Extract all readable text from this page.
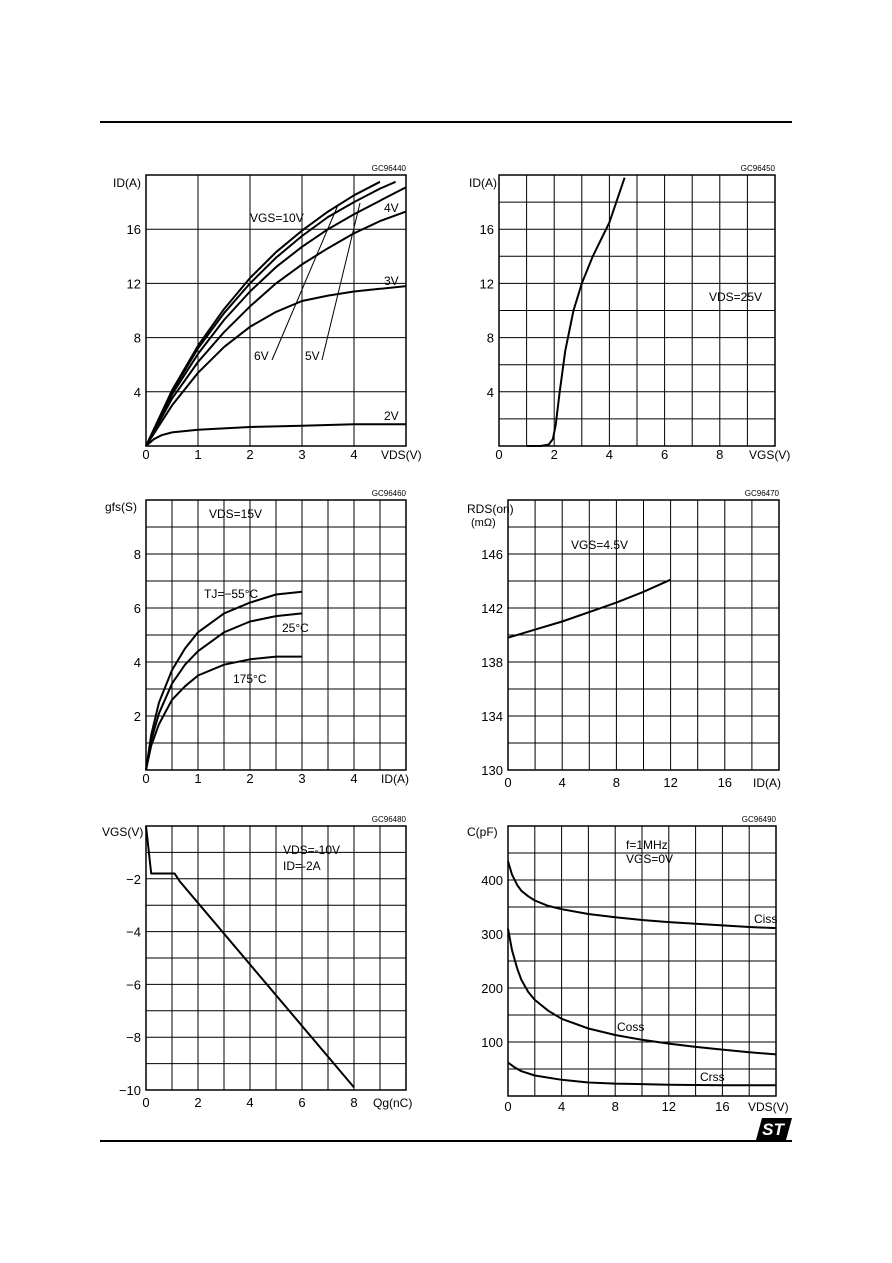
4
8
12
16
0	1	2	3	4
GC96440
ID(A)
VDS(V)
VGS=10V
4V
3V
2V
6V	5V
4
8
12
16
0	2	4	6	8
GC96450
ID(A)
VGS(V)
VDS=25V
2
4
6
8
0	1	2	3	4
GC96460
gfs(S)
ID(A)
VDS=15V
TJ=−55°C
25°C
175°C
130
134
138
142
146
0	4	8	12	16
GC96470
RDS(on)
(mΩ)
ID(A)
VGS=4.5V
−2
−4
−6
−8
−10
0	2	4	6	8
GC96480
VGS(V)
Qg(nC)
VDS=-10V
ID=-2A
100
200
300
400
0	4	8	12	16
GC96490
C(pF)
VDS(V)
f=1MHz
VGS=0V
Ciss
Coss
Crss
ST
